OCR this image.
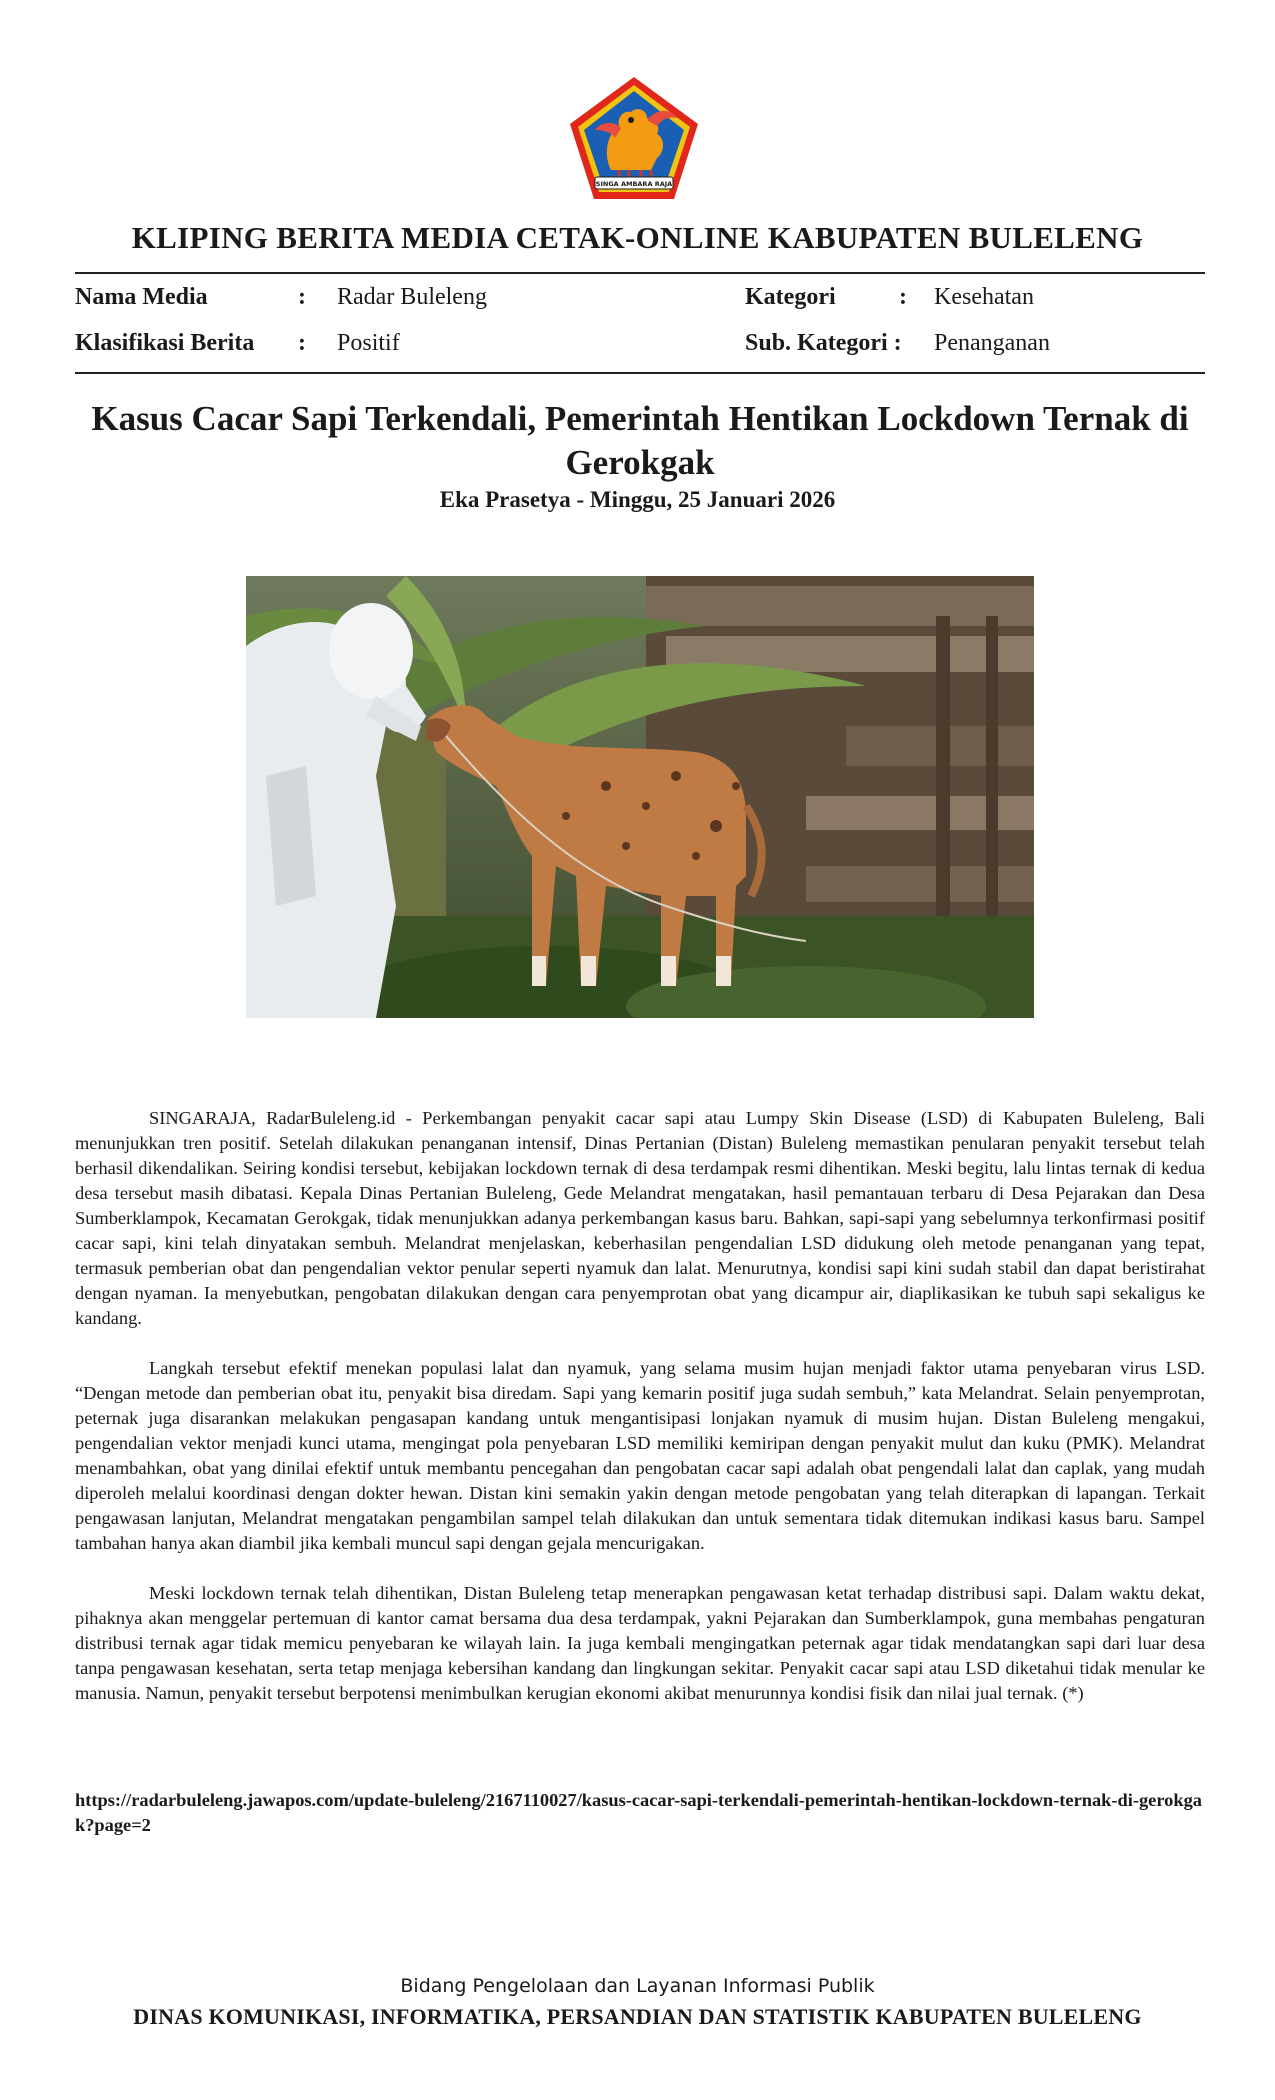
SINGA AMBARA RAJA
KLIPING BERITA MEDIA CETAK-ONLINE KABUPATEN BULELENG
Nama Media	: Radar Buleleng	Kategori	: Kesehatan
Klasifikasi Berita : Positif	Sub. Kategori : Penanganan
Kasus Cacar Sapi Terkendali, Pemerintah Hentikan Lockdown Ternak di Gerokgak
Eka Prasetya - Minggu, 25 Januari 2026

SINGARAJA, RadarBuleleng.id - Perkembangan penyakit cacar sapi atau Lumpy Skin Disease (LSD) di Kabupaten Buleleng, Bali menunjukkan tren positif. Setelah dilakukan penanganan intensif, Dinas Pertanian (Distan) Buleleng memastikan penularan penyakit tersebut telah berhasil dikendalikan. Seiring kondisi tersebut, kebijakan lockdown ternak di desa terdampak resmi dihentikan. Meski begitu, lalu lintas ternak di kedua desa tersebut masih dibatasi. Kepala Dinas Pertanian Buleleng, Gede Melandrat mengatakan, hasil pemantauan terbaru di Desa Pejarakan dan Desa Sumberklampok, Kecamatan Gerokgak, tidak menunjukkan adanya perkembangan kasus baru. Bahkan, sapi-sapi yang sebelumnya terkonfirmasi positif cacar sapi, kini telah dinyatakan sembuh. Melandrat menjelaskan, keberhasilan pengendalian LSD didukung oleh metode penanganan yang tepat, termasuk pemberian obat dan pengendalian vektor penular seperti nyamuk dan lalat. Menurutnya, kondisi sapi kini sudah stabil dan dapat beristirahat dengan nyaman. Ia menyebutkan, pengobatan dilakukan dengan cara penyemprotan obat yang dicampur air, diaplikasikan ke tubuh sapi sekaligus ke kandang.

Langkah tersebut efektif menekan populasi lalat dan nyamuk, yang selama musim hujan menjadi faktor utama penyebaran virus LSD. “Dengan metode dan pemberian obat itu, penyakit bisa diredam. Sapi yang kemarin positif juga sudah sembuh,” kata Melandrat. Selain penyemprotan, peternak juga disarankan melakukan pengasapan kandang untuk mengantisipasi lonjakan nyamuk di musim hujan. Distan Buleleng mengakui, pengendalian vektor menjadi kunci utama, mengingat pola penyebaran LSD memiliki kemiripan dengan penyakit mulut dan kuku (PMK). Melandrat menambahkan, obat yang dinilai efektif untuk membantu pencegahan dan pengobatan cacar sapi adalah obat pengendali lalat dan caplak, yang mudah diperoleh melalui koordinasi dengan dokter hewan. Distan kini semakin yakin dengan metode pengobatan yang telah diterapkan di lapangan. Terkait pengawasan lanjutan, Melandrat mengatakan pengambilan sampel telah dilakukan dan untuk sementara tidak ditemukan indikasi kasus baru. Sampel tambahan hanya akan diambil jika kembali muncul sapi dengan gejala mencurigakan.

Meski lockdown ternak telah dihentikan, Distan Buleleng tetap menerapkan pengawasan ketat terhadap distribusi sapi. Dalam waktu dekat, pihaknya akan menggelar pertemuan di kantor camat bersama dua desa terdampak, yakni Pejarakan dan Sumberklampok, guna membahas pengaturan distribusi ternak agar tidak memicu penyebaran ke wilayah lain. Ia juga kembali mengingatkan peternak agar tidak mendatangkan sapi dari luar desa tanpa pengawasan kesehatan, serta tetap menjaga kebersihan kandang dan lingkungan sekitar. Penyakit cacar sapi atau LSD diketahui tidak menular ke manusia. Namun, penyakit tersebut berpotensi menimbulkan kerugian ekonomi akibat menurunnya kondisi fisik dan nilai jual ternak. (*)

https://radarbuleleng.jawapos.com/update-buleleng/2167110027/kasus-cacar-sapi-terkendali-pemerintah-hentikan-lockdown-ternak-di-gerokgak?page=2
Bidang Pengelolaan dan Layanan Informasi Publik
DINAS KOMUNIKASI, INFORMATIKA, PERSANDIAN DAN STATISTIK KABUPATEN BULELENG
